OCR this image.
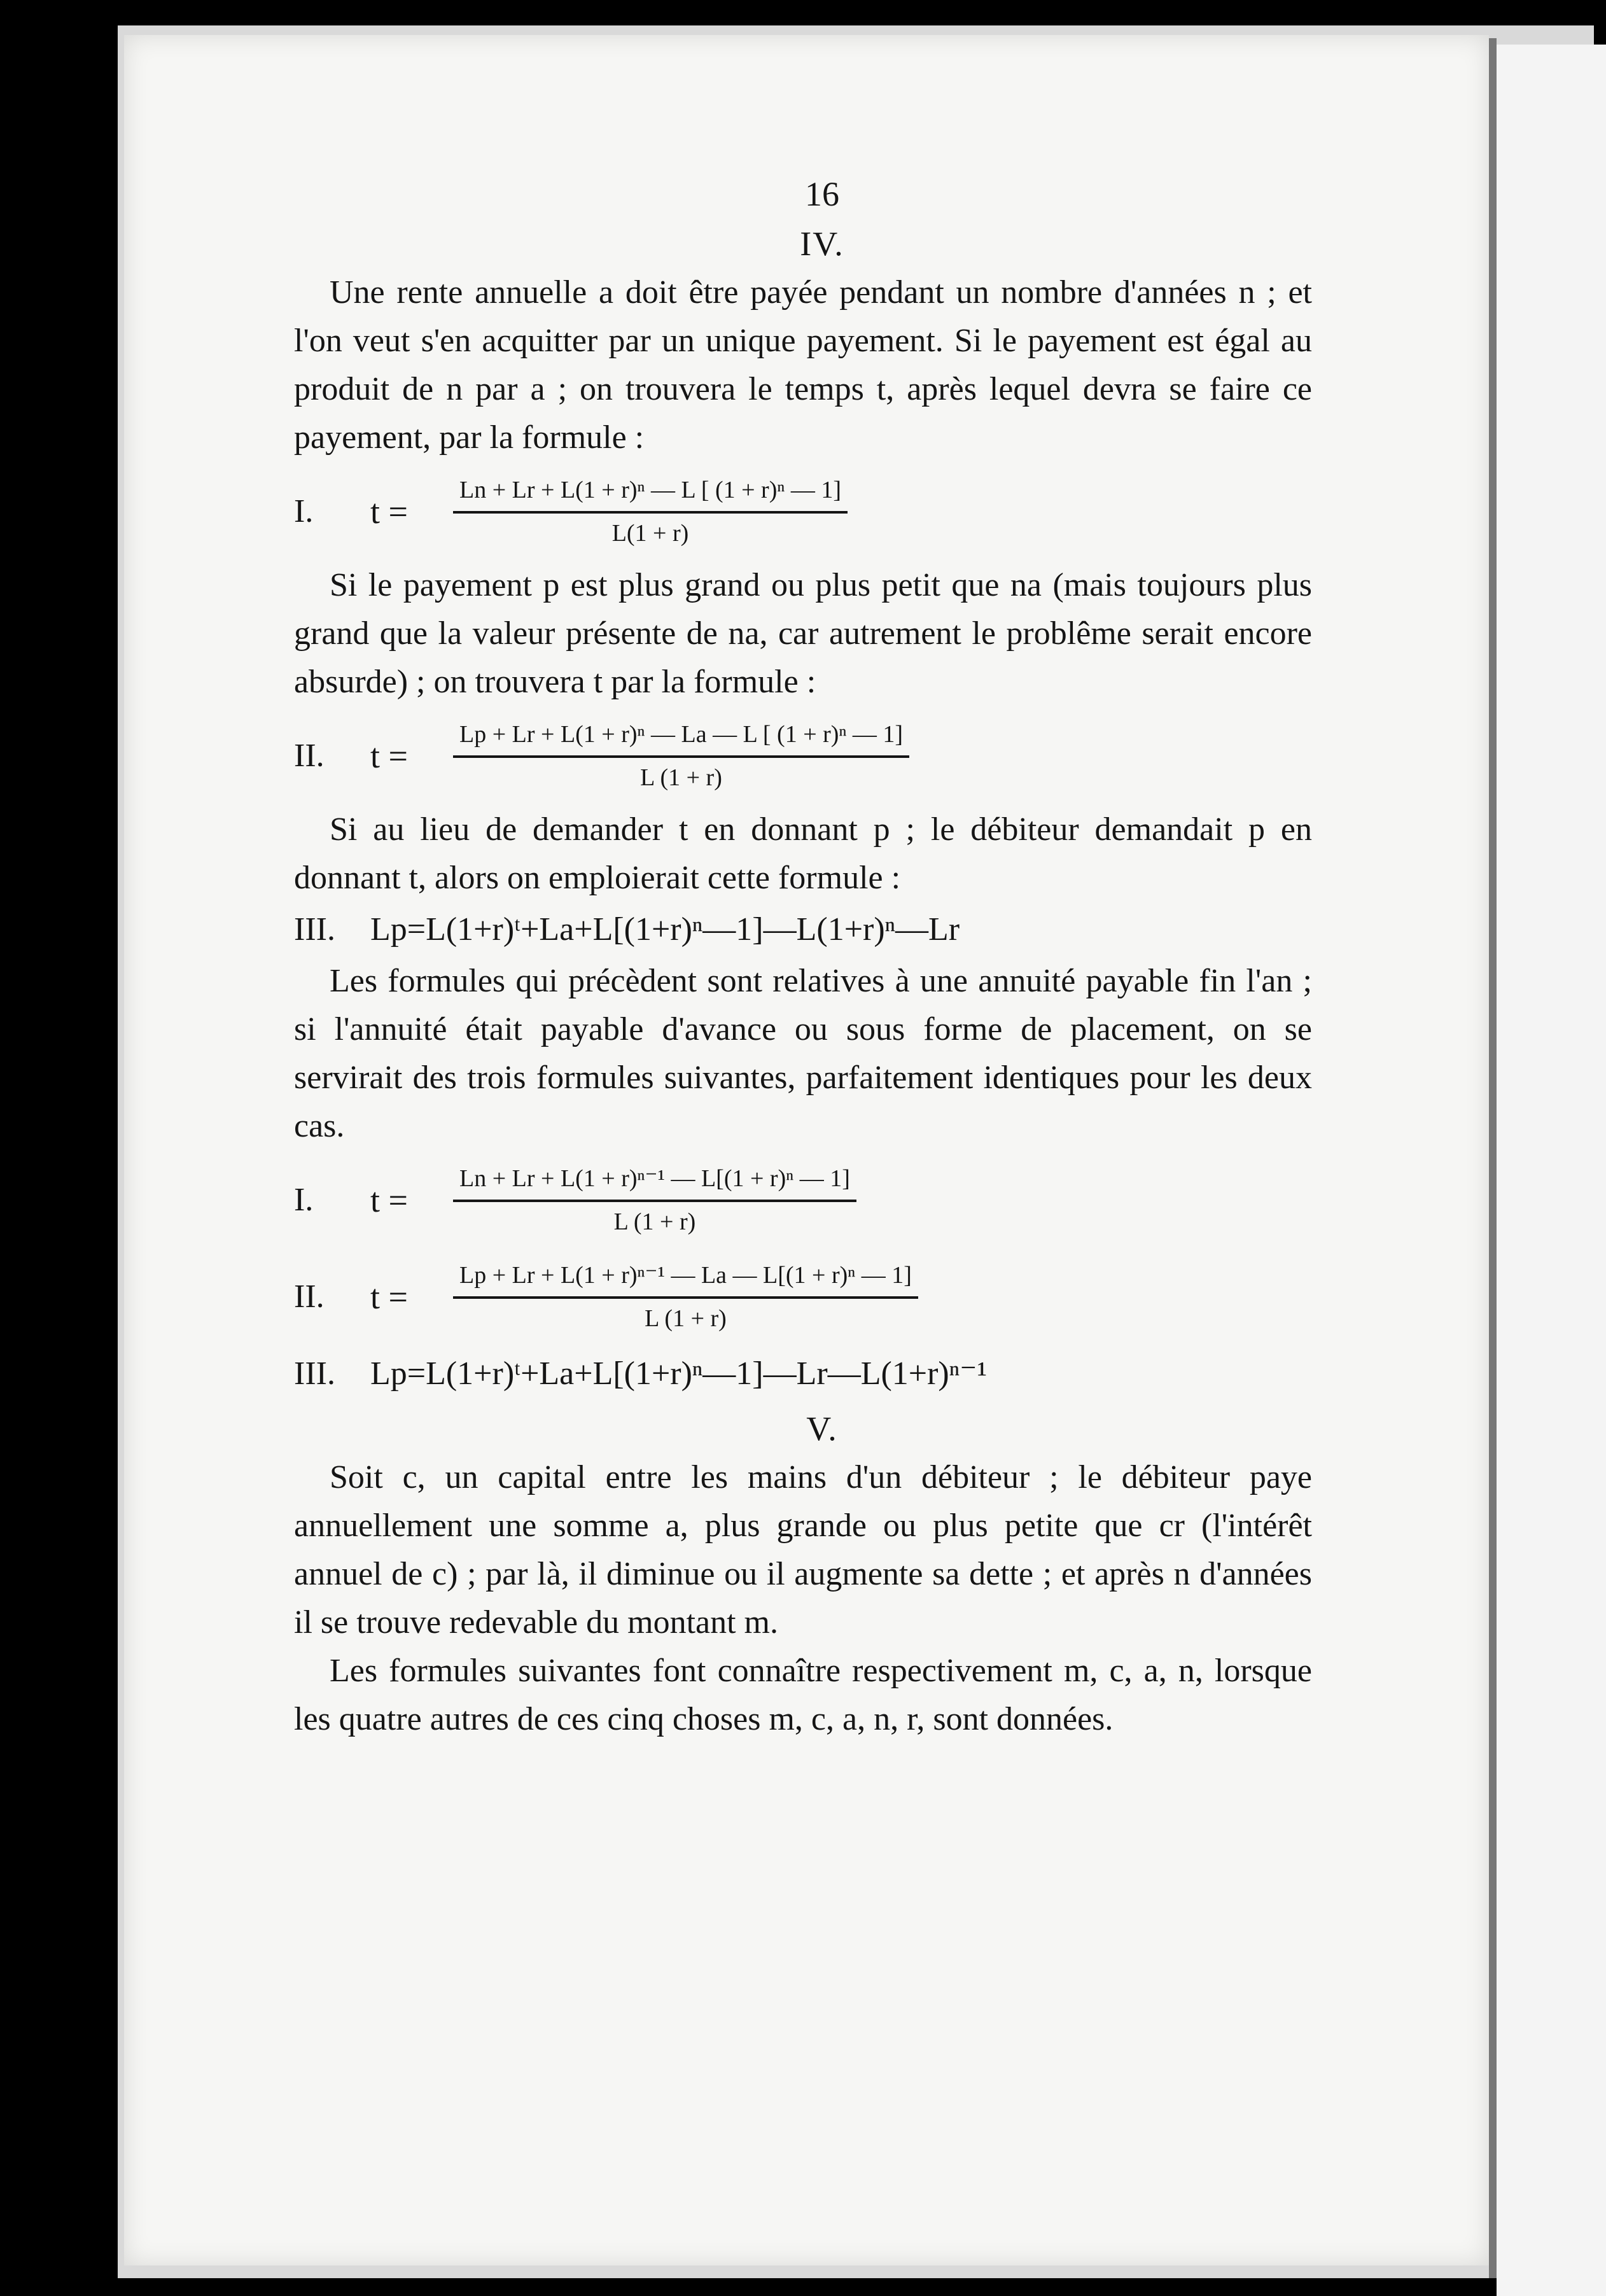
16
IV.

Une rente annuelle a doit être payée pendant un nombre d'années n ; et l'on veut s'en acquitter par un unique payement. Si le payement est égal au produit de n par a ; on trouvera le temps t, après lequel devra se faire ce payement, par la formule :

I.	t =	$\frac{\text{Ln + Lr + L(1 + r)ⁿ — L [ (1 + r)ⁿ — 1]}}{L(1 + r)}$

Si le payement p est plus grand ou plus petit que na (mais toujours plus grand que la valeur présente de na, car autrement le problême serait encore absurde) ; on trouvera t par la formule :

II.	t =	$\frac{\text{Lp + Lr + L(1 + r)ⁿ — La — L [ (1 + r)ⁿ — 1]}}{L (1 + r)}$

Si au lieu de demander t en donnant p ; le débiteur demandait p en donnant t, alors on emploierait cette formule :

III. Lp=L(1+r)ᵗ+La+L[(1+r)ⁿ—1]—L(1+r)ⁿ—Lr

Les formules qui précèdent sont relatives à une annuité payable fin l'an ; si l'annuité était payable d'avance ou sous forme de placement, on se servirait des trois formules suivantes, parfaitement identiques pour les deux cas.

I.	t =	$\frac{\text{Ln + Lr + L(1 + r)ⁿ⁻¹ — L[(1 + r)ⁿ — 1]}}{L (1 + r)}$
II.	t =	$\frac{\text{Lp + Lr + L(1 + r)ⁿ⁻¹ — La — L[(1 + r)ⁿ — 1]}}{L (1 + r)}$
III. Lp=L(1+r)ᵗ+La+L[(1+r)ⁿ—1]—Lr—L(1+r)ⁿ⁻¹
V.

Soit c, un capital entre les mains d'un débiteur ; le débiteur paye annuellement une somme a, plus grande ou plus petite que cr (l'intérêt annuel de c) ; par là, il diminue ou il augmente sa dette ; et après n d'années il se trouve redevable du montant m.

Les formules suivantes font connaître respectivement m, c, a, n, lorsque les quatre autres de ces cinq choses m, c, a, n, r, sont données.
